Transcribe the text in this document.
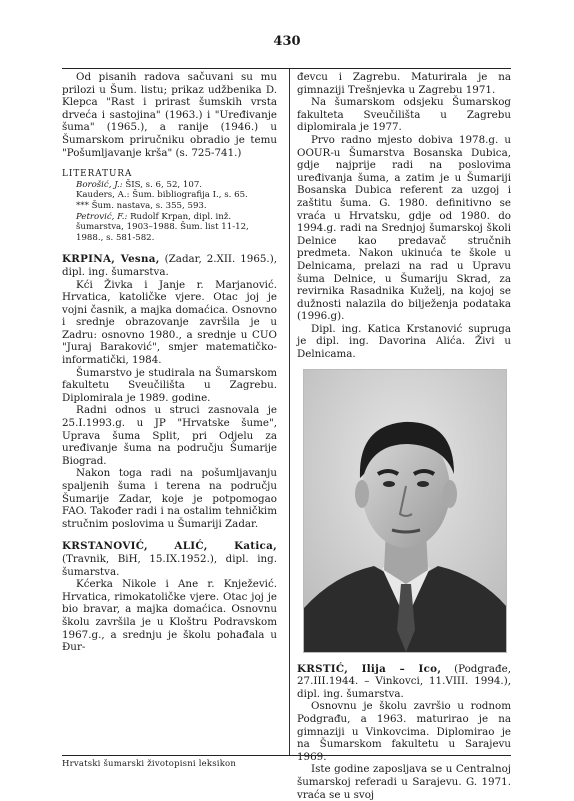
430

Od pisanih radova sačuvani su mu prilozi u Šum. listu; prikaz udžbenika D. Klepca "Rast i prirast šumskih vrsta drveća i sastojina" (1963.) i "Uređivanje šuma" (1965.), a ranije (1946.) u Šumarskom priručniku obradio je temu "Pošumljavanje krša" (s. 725-741.)

LITERATURA
Borošić, J.: ŠIS, s. 6, 52, 107.
Kauders, A.: Šum. bibliografija I., s. 65.
*** Šum. nastava, s. 355, 593.
Petrović, F.: Rudolf Krpan, dipl. inž. šumarstva, 1903–1988. Šum. list 11-12, 1988., s. 581-582.

KRPINA, Vesna, (Zadar, 2.XII. 1965.), dipl. ing. šumarstva.

Kći Živka i Janje r. Marjanović. Hrvatica, katoličke vjere. Otac joj je vojni časnik, a majka domaćica. Osnovno i srednje obrazovanje završila je u Zadru: osnovno 1980., a srednje u CUO "Juraj Baraković", smjer matematičko-informatički, 1984.

Šumarstvo je studirala na Šumarskom fakultetu Sveučilišta u Zagrebu. Diplomirala je 1989. godine.

Radni odnos u struci zasnovala je 25.I.1993.g. u JP "Hrvatske šume", Uprava šuma Split, pri Odjelu za uređivanje šuma na području Šumarije Biograd.

Nakon toga radi na pošumljavanju spaljenih šuma i terena na području Šumarije Zadar, koje je potpomogao FAO. Također radi i na ostalim tehničkim stručnim poslovima u Šumariji Zadar.

KRSTANOVIĆ, ALIĆ, Katica, (Travnik, BiH, 15.IX.1952.), dipl. ing. šumarstva.

Kćerka Nikole i Ane r. Knježević. Hrvatica, rimokatoličke vjere. Otac joj je bio bravar, a majka domaćica. Osnovnu školu završila je u Kloštru Podravskom 1967.g., a srednju je školu pohađala u Đur-

đevcu i Zagrebu. Maturirala je na gimnaziji Trešnjevka u Zagrebu 1971.

Na šumarskom odsjeku Šumarskog fakulteta Sveučilišta u Zagrebu diplomirala je 1977.

Prvo radno mjesto dobiva 1978.g. u OOUR-u Šumarstva Bosanska Dubica, gdje najprije radi na poslovima uređivanja šuma, a zatim je u Šumariji Bosanska Dubica referent za uzgoj i zaštitu šuma. G. 1980. definitivno se vraća u Hrvatsku, gdje od 1980. do 1994.g. radi na Srednjoj šumarskoj školi Delnice kao predavač stručnih predmeta. Nakon ukinuća te škole u Delnicama, prelazi na rad u Upravu šuma Delnice, u Šumariju Skrad, za revirnika Rasadnika Kuželj, na kojoj se dužnosti nalazila do bilježenja podataka (1996.g).

Dipl. ing. Katica Krstanović supruga je dipl. ing. Davorina Alića. Živi u Delnicama.

KRSTIĆ, Ilija – Ico, (Podgrađe, 27.III.1944. – Vinkovci, 11.VIII. 1994.), dipl. ing. šumarstva.

Osnovnu je školu završio u rodnom Podgrađu, a 1963. maturirao je na gimnaziji u Vinkovcima. Diplomirao je na Šumarskom fakultetu u Sarajevu 1969.

Iste godine zaposljava se u Centralnoj šumarskoj referadi u Sarajevu. G. 1971. vraća se u svoj

Hrvatski šumarski životopisni leksikon
